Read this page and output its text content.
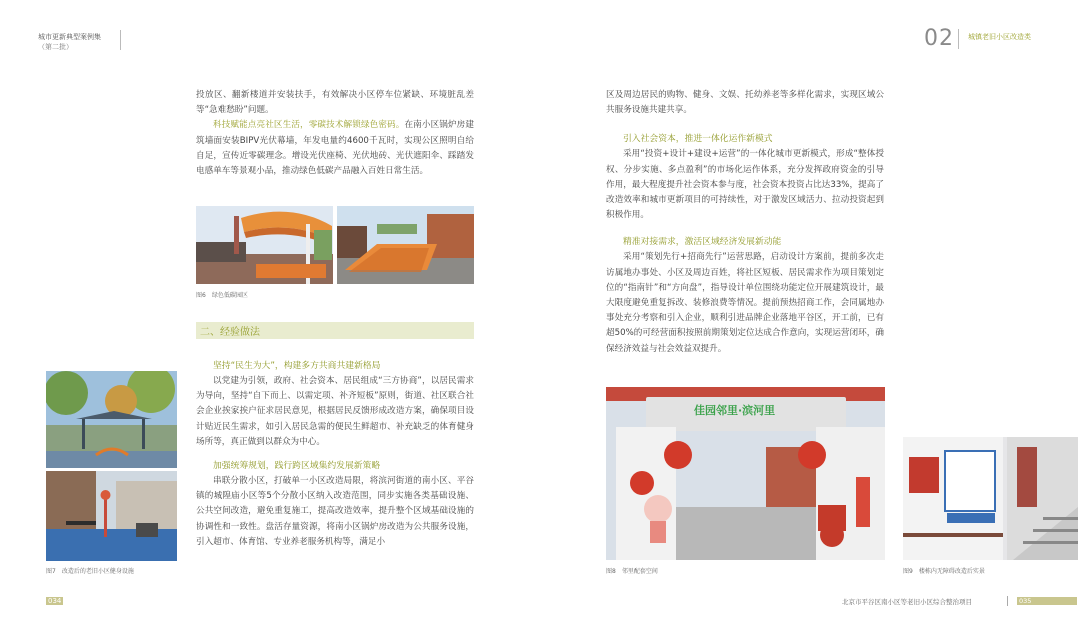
城市更新典型案例集
（第二批）	02 城镇老旧小区改造类

投放区、翻新楼道并安装扶手，有效解决小区停车位紧缺、环境脏乱差等“急难愁盼”问题。

科技赋能点亮社区生活，零碳技术解锁绿色密码。在南小区锅炉房建筑墙面安装BIPV光伏幕墙，年发电量约4600千瓦时，实现公区照明自给自足，宣传近零碳理念。增设光伏座椅、光伏地砖、光伏遮阳伞、踩踏发电感单车等景观小品，推动绿色低碳产品融入百姓日常生活。

图6　绿色低碳园区
二、经验做法
坚持“民生为大”，构建多方共商共建新格局

以党建为引领，政府、社会资本、居民组成“三方协商”，以居民需求为导向，坚持“自下而上、以需定项、补齐短板”原则，街道、社区联合社会企业挨家挨户征求居民意见，根据居民反馈形成改造方案，确保项目设计贴近民生需求，如引入居民急需的便民生鲜超市、补充缺乏的体育健身场所等，真正做到以群众为中心。

加强统筹规划，践行跨区域集约发展新策略

串联分散小区，打破单一小区改造局限，将滨河街道的南小区、平谷镇的城隍庙小区等5个分散小区纳入改造范围，同步实施各类基础设施、公共空间改造，避免重复施工，提高改造效率，提升整个区域基础设施的协调性和一致性。盘活存量资源，将南小区锅炉房改造为公共服务设施，引入超市、体育馆、专业养老服务机构等，满足小

图7　改造后的老旧小区健身设施

区及周边居民的购物、健身、文娱、托幼养老等多样化需求，实现区域公共服务设施共建共享。

引入社会资本，推进一体化运作新模式

采用“投资+设计+建设+运营”的一体化城市更新模式，形成“整体授权、分步实施、多点盈利”的市场化运作体系，充分发挥政府资金的引导作用，最大程度提升社会资本参与度，社会资本投资占比达33%，提高了改造效率和城市更新项目的可持续性，对于激发区域活力、拉动投资起到积极作用。

精准对接需求，激活区域经济发展新动能

采用“策划先行+招商先行”运营思路，启动设计方案前，提前多次走访属地办事处、小区及周边百姓，将社区短板、居民需求作为项目策划定位的“指南针”和“方向盘”，指导设计单位围绕功能定位开展建筑设计，最大限度避免重复拆改、装修浪费等情况。提前预热招商工作，会同属地办事处充分考察和引入企业，顺利引进品牌企业落地平谷区，开工前，已有超50%的可经营面积按照前期策划定位达成合作意向，实现运营闭环，确保经济效益与社会效益双提升。

佳园邻里·滨河里
图8　邻里配套空间	图9　楼栋内无障碍改造后实景
034	北京市平谷区南小区等老旧小区综合整治项目	035
